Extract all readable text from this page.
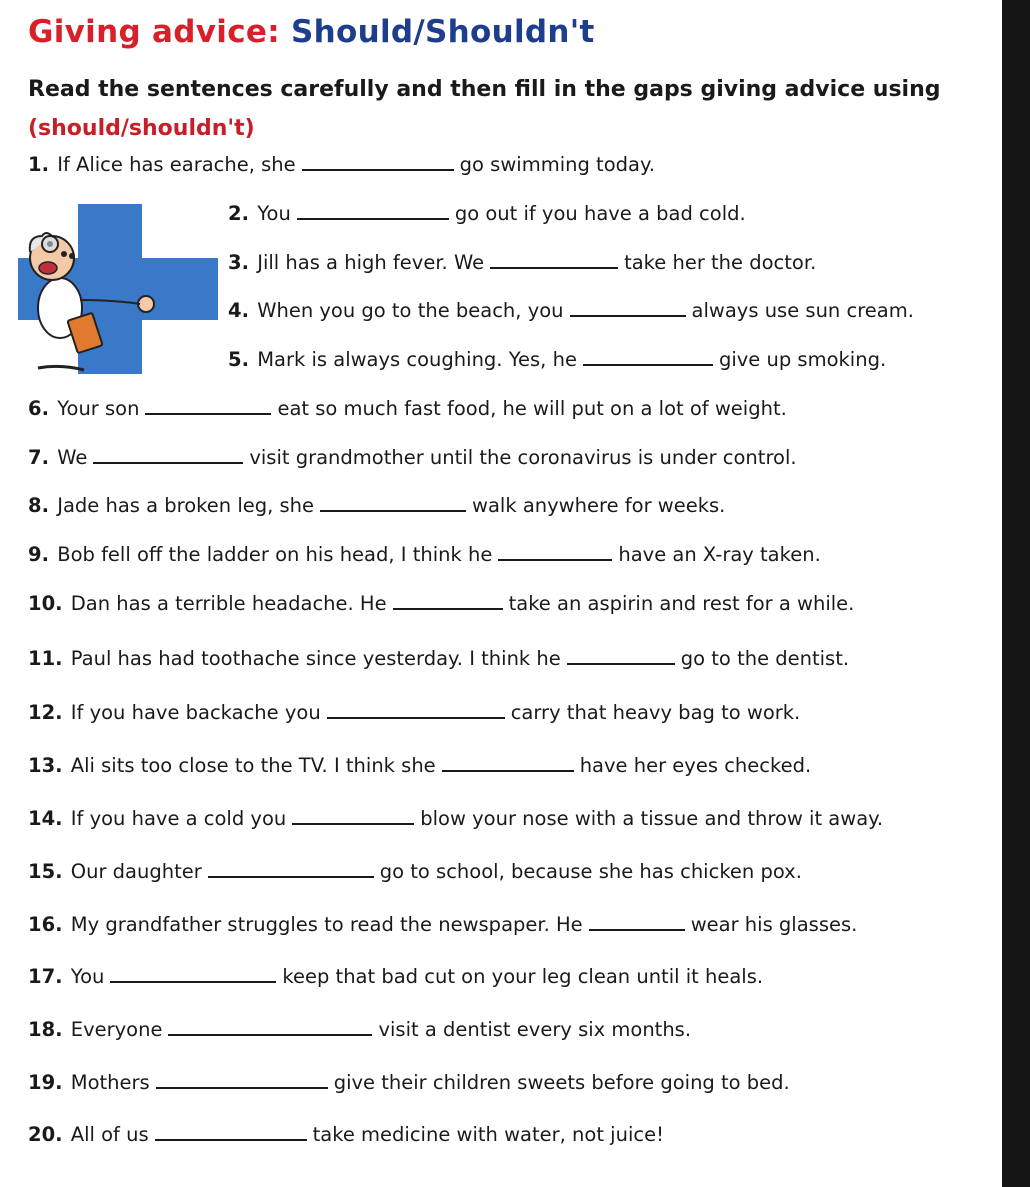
Giving advice: Should/Shouldn't

Read the sentences carefully and then fill in the gaps giving advice using (should/shouldn't)

1. If Alice has earache, she	go swimming today.

2. You	go out if you have a bad cold.

3. Jill has a high fever. We	take her the doctor.

4. When you go to the beach, you	always use sun cream.

5. Mark is always coughing. Yes, he	give up smoking.

6. Your son	eat so much fast food, he will put on a lot of weight.

7. We	visit grandmother until the coronavirus is under control.

8. Jade has a broken leg, she	walk anywhere for weeks.

9. Bob fell off the ladder on his head, I think he	have an X-ray taken.

10. Dan has a terrible headache. He	take an aspirin and rest for a while.

11. Paul has had toothache since yesterday. I think he	go to the dentist.

12. If you have backache you	carry that heavy bag to work.

13. Ali sits too close to the TV. I think she	have her eyes checked.

14. If you have a cold you	blow your nose with a tissue and throw it away.

15. Our daughter	go to school, because she has chicken pox.

16. My grandfather struggles to read the newspaper. He	wear his glasses.

17. You	keep that bad cut on your leg clean until it heals.

18. Everyone	visit a dentist every six months.

19. Mothers	give their children sweets before going to bed.

20. All of us	take medicine with water, not juice!
